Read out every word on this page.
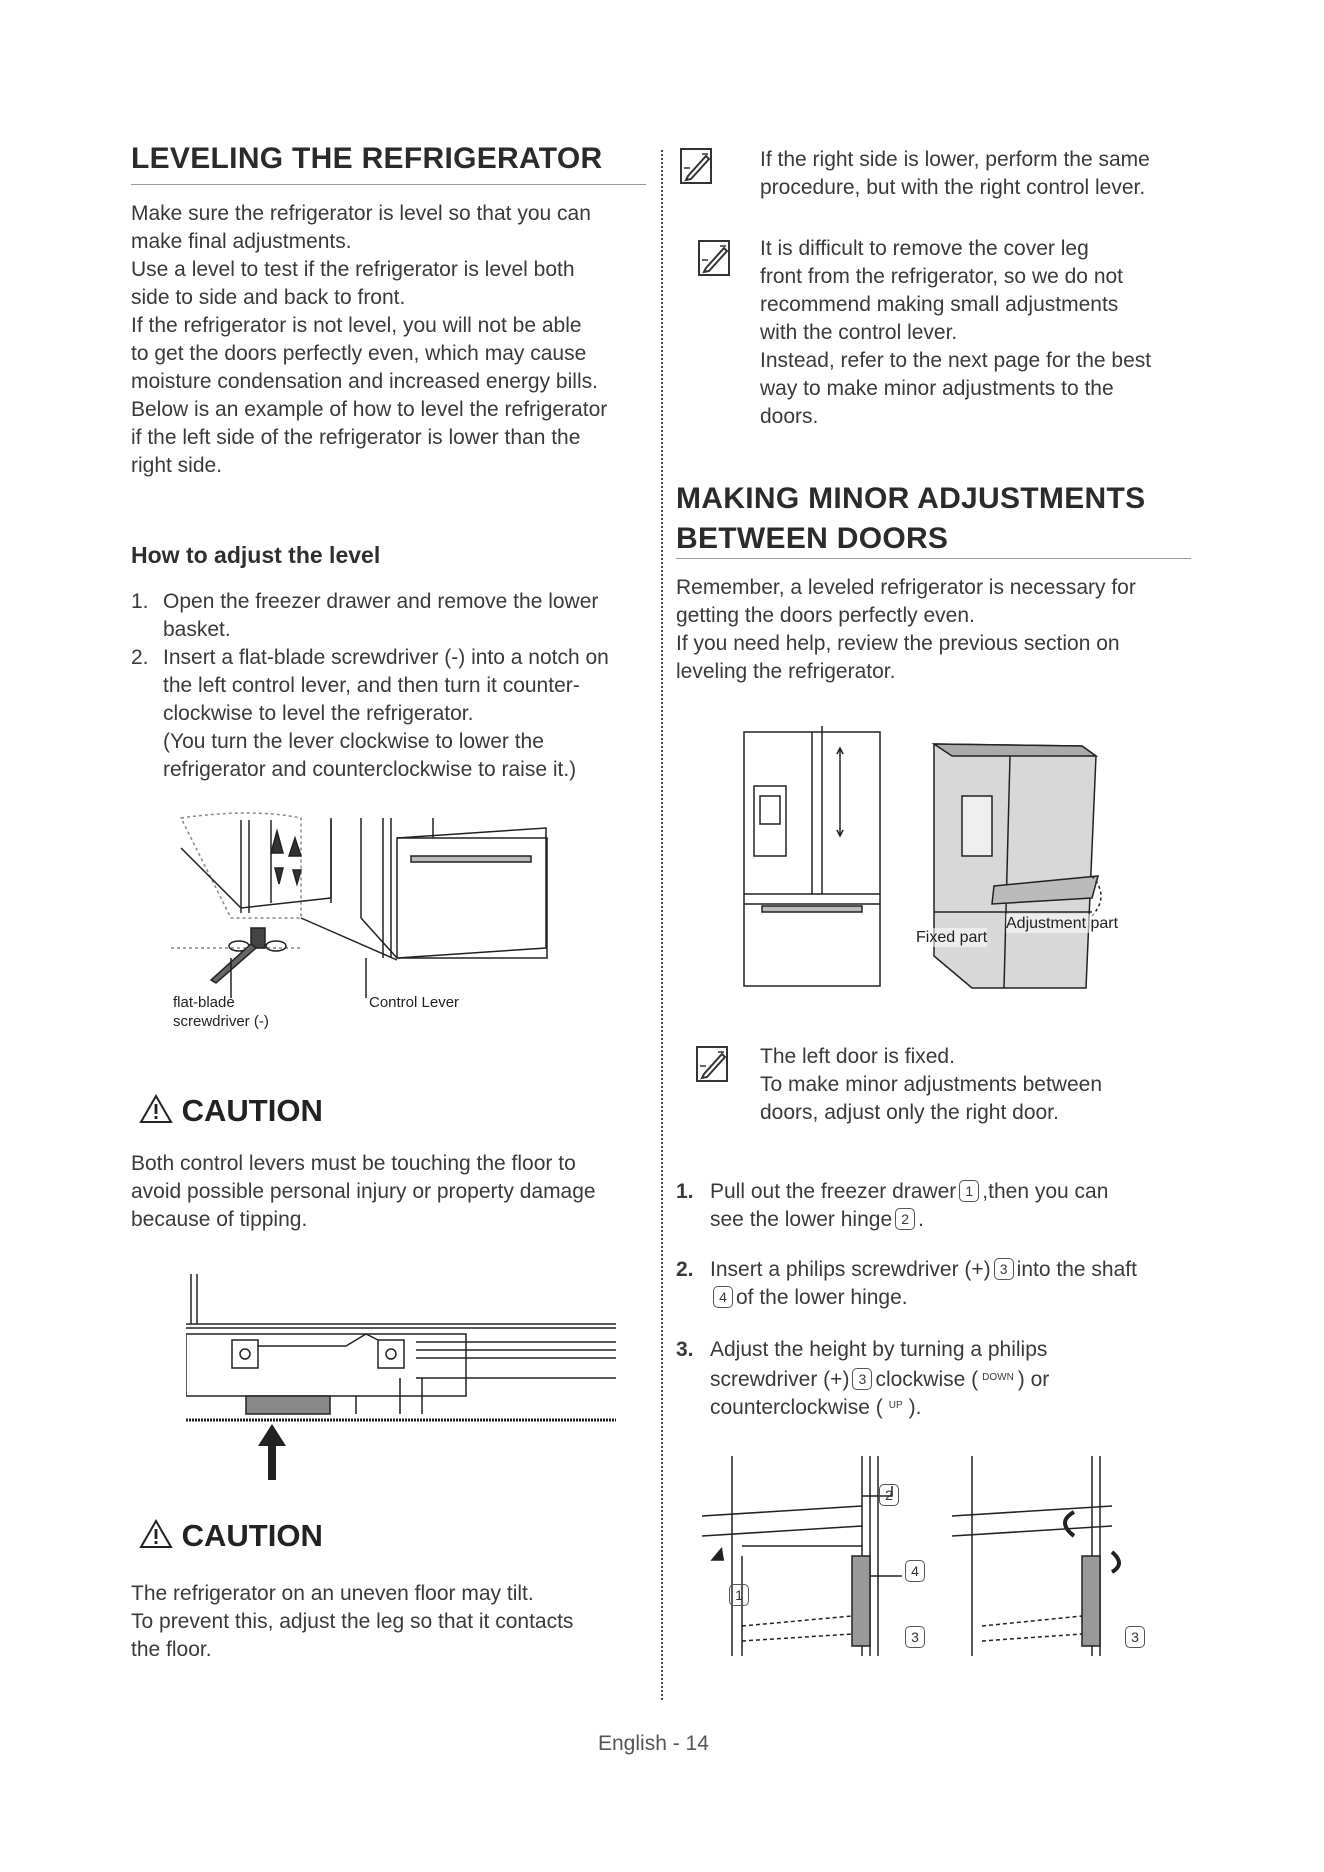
LEVELING THE REFRIGERATOR

Make sure the refrigerator is level so that you can

make final adjustments.

Use a level to test if the refrigerator is level both

side to side and back to front.

If the refrigerator is not level, you will not be able

to get the doors perfectly even, which may cause

moisture condensation and increased energy bills.

Below is an example of how to level the refrigerator

if the left side of the refrigerator is lower than the

right side.

How to adjust the level
1. Open the freezer drawer and remove the lower

basket.

2. Insert a flat-blade screwdriver (-) into a notch on

the left control lever, and then turn it counter-

clockwise to level the refrigerator.

(You turn the lever clockwise to lower the

refrigerator and counterclockwise to raise it.)

flat-blade
screwdriver (-)
Control Lever
CAUTION

Both control levers must be touching the floor to

avoid possible personal injury or property damage

because of tipping.

CAUTION

The refrigerator on an uneven floor may tilt.

To prevent this, adjust the leg so that it contacts

the floor.

If the right side is lower, perform the same

procedure, but with the right control lever.

It is difficult to remove the cover leg

front from the refrigerator, so we do not

recommend making small adjustments

with the control lever.

Instead, refer to the next page for the best

way to make minor adjustments to the

doors.

MAKING MINOR ADJUSTMENTS
BETWEEN DOORS

Remember, a leveled refrigerator is necessary for

getting the doors perfectly even.

If you need help, review the previous section on

leveling the refrigerator.

Fixed part
Adjustment part

The left door is fixed.

To make minor adjustments between

doors, adjust only the right door.

1. Pull out the freezer drawer 1 ,then you can

see the lower hinge 2 .

2. Insert a philips screwdriver (+) 3 into the shaft

4 of the lower hinge.

3. Adjust the height by turning a philips

screwdriver (+) 3 clockwise ( $^{DOWN}$ ) or

counterclockwise ( $^{UP}$ ).

2
4
1
3	3
English - 14
